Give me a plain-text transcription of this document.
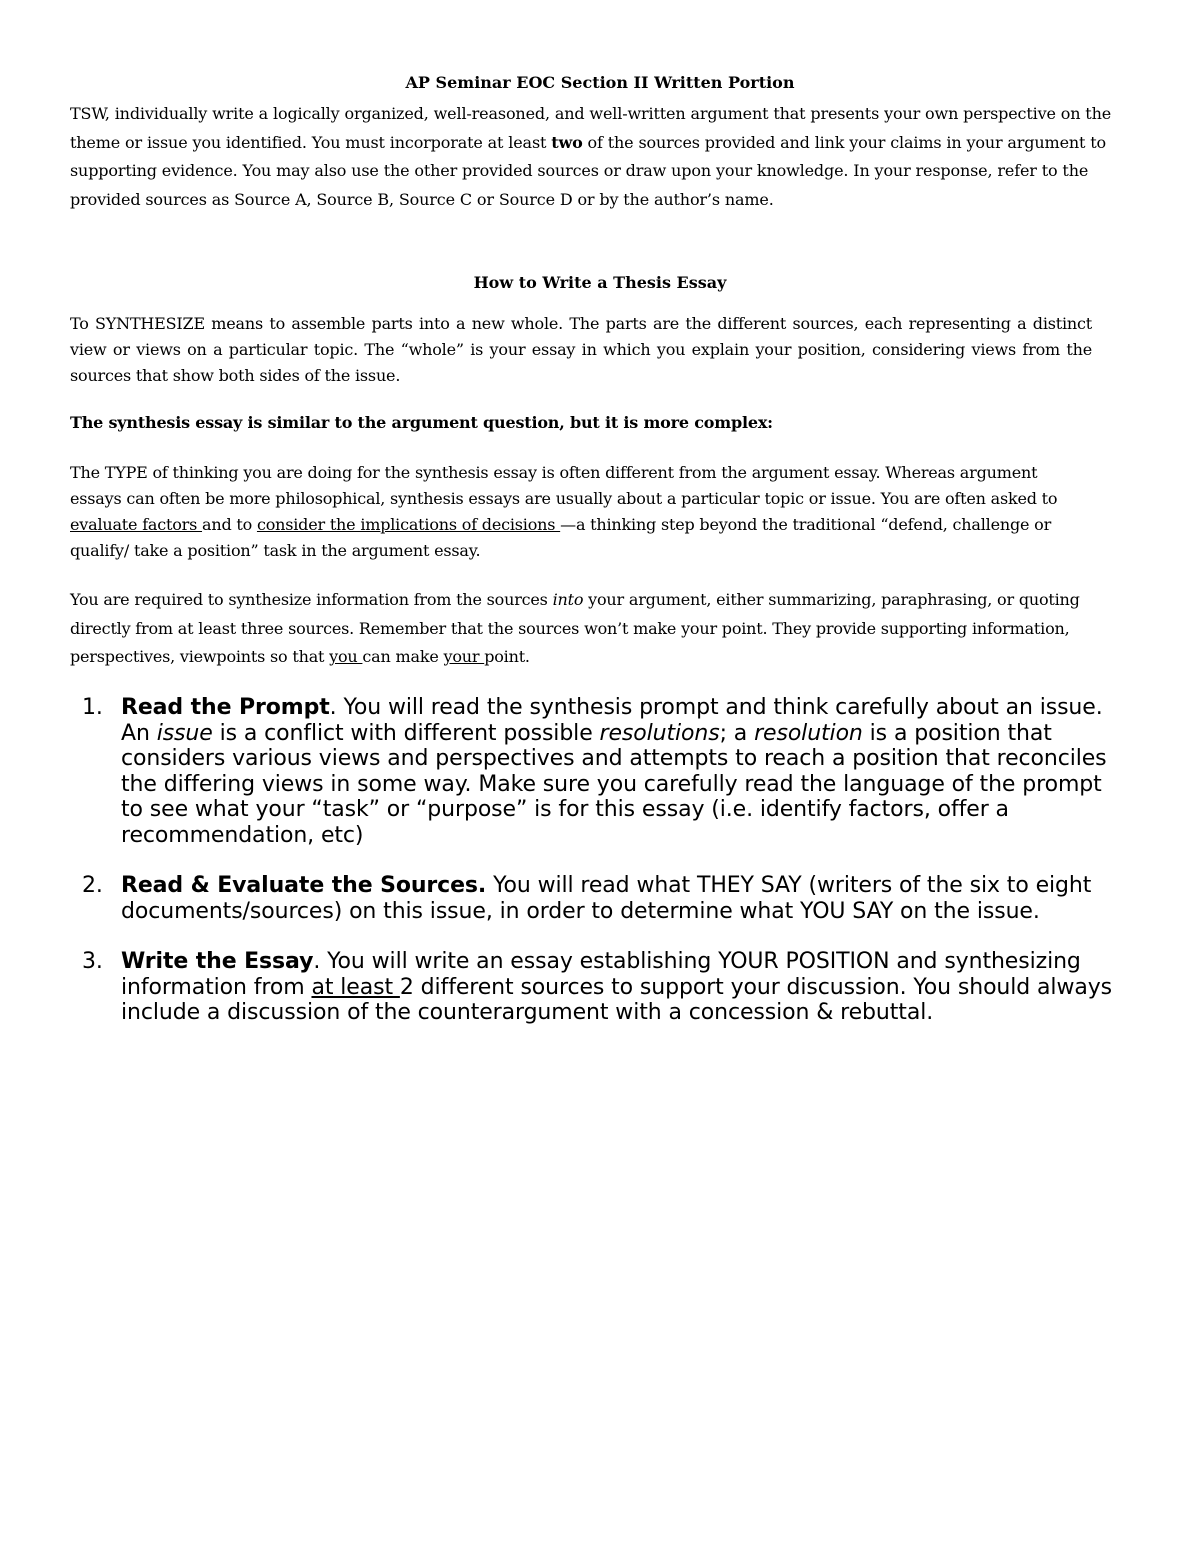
AP Seminar EOC Section II Written Portion

TSW, individually write a logically organized, well-reasoned, and well-written argument that presents your own perspective on the theme or issue you identified. You must incorporate at least two of the sources provided and link your claims in your argument to supporting evidence. You may also use the other provided sources or draw upon your knowledge. In your response, refer to the provided sources as Source A, Source B, Source C or Source D or by the author’s name.

How to Write a Thesis Essay

To SYNTHESIZE means to assemble parts into a new whole. The parts are the different sources, each representing a distinct view or views on a particular topic. The “whole” is your essay in which you explain your position, considering views from the sources that show both sides of the issue.

The synthesis essay is similar to the argument question, but it is more complex:

The TYPE of thinking you are doing for the synthesis essay is often different from the argument essay. Whereas argument essays can often be more philosophical, synthesis essays are usually about a particular topic or issue. You are often asked to evaluate factors and to consider the implications of decisions —a thinking step beyond the traditional “defend, challenge or qualify/ take a position” task in the argument essay.

You are required to synthesize information from the sources into your argument, either summarizing, paraphrasing, or quoting directly from at least three sources. Remember that the sources won’t make your point. They provide supporting information, perspectives, viewpoints so that you can make your point.

1. Read the Prompt. You will read the synthesis prompt and think carefully about an issue. An issue is a conflict with different possible resolutions; a resolution is a position that considers various views and perspectives and attempts to reach a position that reconciles the differing views in some way. Make sure you carefully read the language of the prompt to see what your “task” or “purpose” is for this essay (i.e. identify factors, offer a recommendation, etc)
2. Read & Evaluate the Sources. You will read what THEY SAY (writers of the six to eight documents/sources) on this issue, in order to determine what YOU SAY on the issue.
3. Write the Essay. You will write an essay establishing YOUR POSITION and synthesizing information from at least 2 different sources to support your discussion. You should always include a discussion of the counterargument with a concession & rebuttal.
